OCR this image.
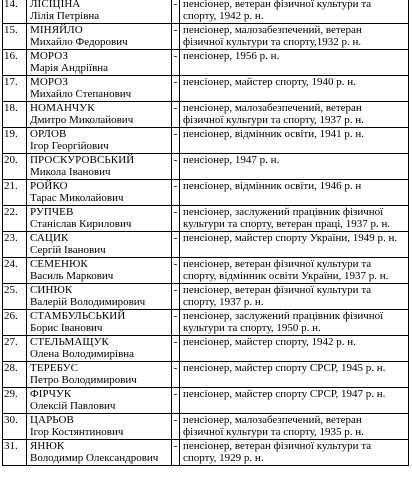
14.	ЛІСІЦІНА
Лілія Петрівна	-	пенсіонер, ветеран фізичної культури та
спорту, 1942 р. н.

15.	МІНЯЙЛО
Михайло Федорович	-	пенсіонер, малозабезпечений, ветеран
фізичної культури та спорту,1932 р. н.

16.	МОРОЗ
Марія Андріївна	-	пенсіонер, 1956 р. н.

17.	МОРОЗ
Михайло Степанович	-	пенсіонер, майстер спорту, 1940 р. н.

18.	НОМАНЧУК
Дмитро Миколайович	-	пенсіонер, малозабезпечений, ветеран
фізичної культури та спорту, 1937 р. н.

19.	ОРЛОВ
Ігор Георгійович	-	пенсіонер, відмінник освіти, 1941 р. н.

20.	ПРОСКУРОВСЬКИЙ
Микола Іванович	-	пенсіонер, 1947 р. н.

21.	РОЙКО
Тарас Миколайович	-	пенсіонер, відмінник освіти, 1946 р. н

22.	РУПЧЕВ
Станіслав Кирилович	-	пенсіонер, заслужений працівник фізичної
культури та спорту, ветеран праці, 1937 р. н.

23.	САЦИК
Сергій Іванович	-	пенсіонер, майстер спорту України, 1949 р. н.

24.	СЕМЕНЮК
Василь Маркович	-	пенсіонер, ветеран фізичної культури та
спорту, відмінник освіти України, 1937 р. н.

25.	СИНЮК
Валерій Володимирович	-	пенсіонер, ветеран фізичної культури та
спорту, 1937 р. н.

26.	СТАМБУЛЬСЬКИЙ
Борис Іванович	-	пенсіонер, заслужений працівник фізичної
культури та спорту, 1950 р. н.

27.	СТЕЛЬМАЩУК
Олена Володимирівна	-	пенсіонер, майстер спорту, 1942 р. н.

28.	ТЕРЕБУС
Петро Володимирович	-	пенсіонер, майстер спорту СРСР, 1945 р. н.

29.	ФІРЧУК
Олексій Павлович	-	пенсіонер, майстер спорту СРСР, 1947 р. н.

30.	ЦАРЬОВ
Ігор Костянтинович	-	пенсіонер, малозабезпечений, ветеран
фізичної культури та спорту, 1935 р. н.

31.	ЯНЮК
Володимир Олександрович	-	пенсіонер, ветеран фізичної культури та
спорту, 1929 р. н.
